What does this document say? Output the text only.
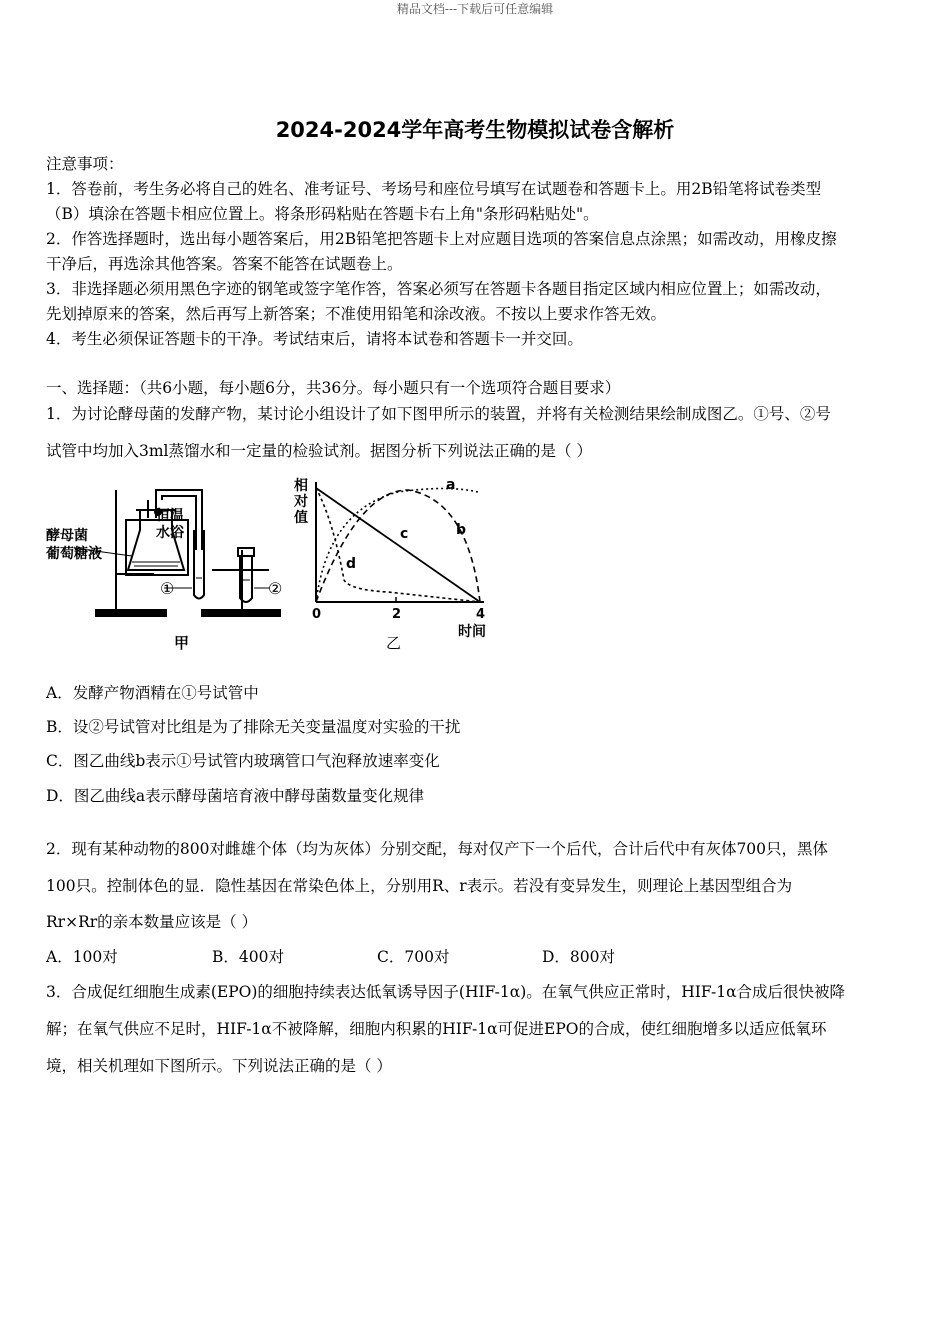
精品文档---下载后可任意编辑
2024-2024学年高考生物模拟试卷含解析
注意事项：
1．答卷前，考生务必将自己的姓名、准考证号、考场号和座位号填写在试题卷和答题卡上。用2B铅笔将试卷类型
（B）填涂在答题卡相应位置上。将条形码粘贴在答题卡右上角"条形码粘贴处"。
2．作答选择题时，选出每小题答案后，用2B铅笔把答题卡上对应题目选项的答案信息点涂黑；如需改动，用橡皮擦
干净后，再选涂其他答案。答案不能答在试题卷上。
3．非选择题必须用黑色字迹的钢笔或签字笔作答，答案必须写在答题卡各题目指定区域内相应位置上；如需改动，
先划掉原来的答案，然后再写上新答案；不准使用铅笔和涂改液。不按以上要求作答无效。
4．考生必须保证答题卡的干净。考试结束后，请将本试卷和答题卡一并交回。
一、选择题：（共6小题，每小题6分，共36分。每小题只有一个选项符合题目要求）
1．为讨论酵母菌的发酵产物，某讨论小组设计了如下图甲所示的装置，并将有关检测结果绘制成图乙。①号、②号
试管中均加入3ml蒸馏水和一定量的检验试剂。据图分析下列说法正确的是（ ）
恒温
水浴
酵母菌
葡萄糖液
①	②
甲
相
对
值
0	2	4
时间
a
b
c
d
乙
A．发酵产物酒精在①号试管中
B．设②号试管对比组是为了排除无关变量温度对实验的干扰
C．图乙曲线b表示①号试管内玻璃管口气泡释放速率变化
D．图乙曲线a表示酵母菌培育液中酵母菌数量变化规律
2．现有某种动物的800对雌雄个体（均为灰体）分别交配，每对仅产下一个后代，合计后代中有灰体700只，黑体
100只。控制体色的显．隐性基因在常染色体上，分别用R、r表示。若没有变异发生，则理论上基因型组合为
Rr×Rr的亲本数量应该是（ ）
A．100对	B．400对	C．700对	D．800对
3．合成促红细胞生成素(EPO)的细胞持续表达低氧诱导因子(HIF-1α)。在氧气供应正常时，HIF-1α合成后很快被降
解；在氧气供应不足时，HIF-1α不被降解，细胞内积累的HIF-1α可促进EPO的合成，使红细胞增多以适应低氧环
境，相关机理如下图所示。下列说法正确的是（ ）
